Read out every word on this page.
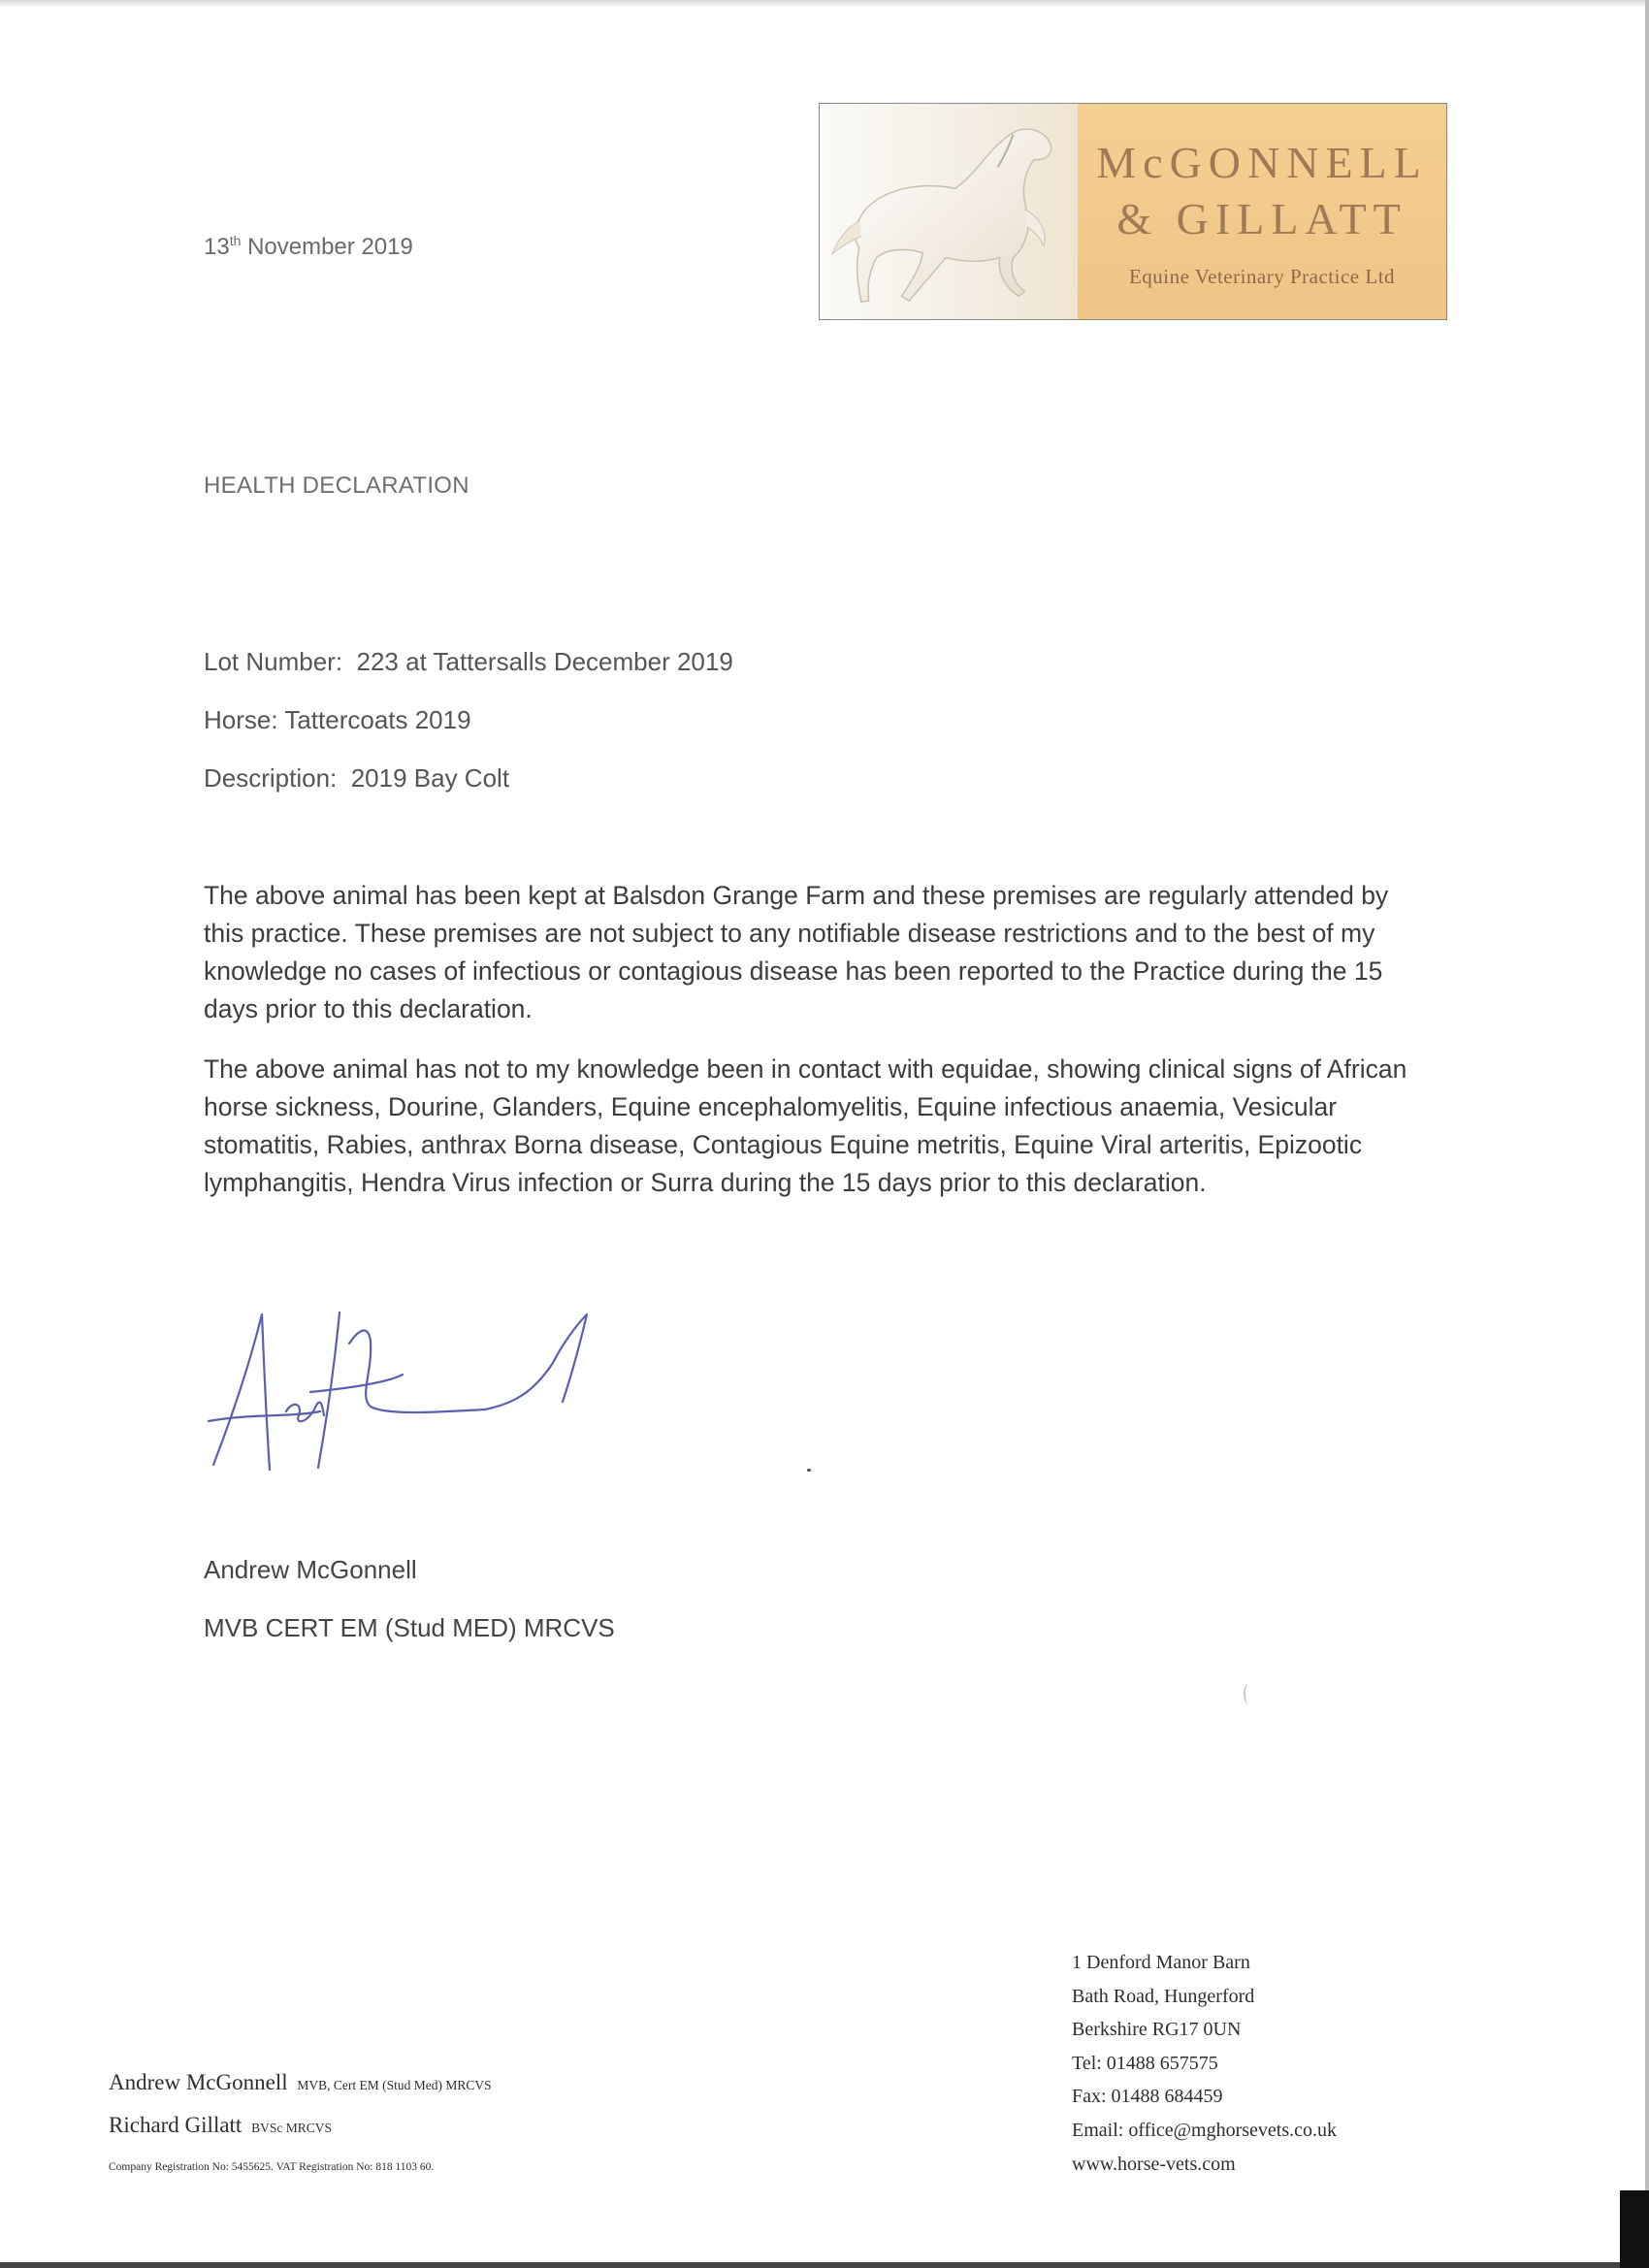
McGONNELL
& GILLATT
Equine Veterinary Practice Ltd
13th November 2019
HEALTH DECLARATION
Lot Number:  223 at Tattersalls December 2019
Horse: Tattercoats 2019
Description:  2019 Bay Colt

The above animal has been kept at Balsdon Grange Farm and these premises are regularly attended by this practice. These premises are not subject to any notifiable disease restrictions and to the best of my knowledge no cases of infectious or contagious disease has been reported to the Practice during the 15 days prior to this declaration.

The above animal has not to my knowledge been in contact with equidae, showing clinical signs of African horse sickness, Dourine, Glanders, Equine encephalomyelitis, Equine infectious anaemia, Vesicular stomatitis, Rabies, anthrax Borna disease, Contagious Equine metritis, Equine Viral arteritis, Epizootic lymphangitis, Hendra Virus infection or Surra during the 15 days prior to this declaration.

Andrew McGonnell
MVB CERT EM (Stud MED) MRCVS
Andrew McGonnell MVB, Cert EM (Stud Med) MRCVS
Richard Gillatt BVSc MRCVS
Company Registration No: 5455625. VAT Registration No: 818 1103 60.
1 Denford Manor Barn
Bath Road, Hungerford
Berkshire RG17 0UN
Tel: 01488 657575
Fax: 01488 684459
Email: office@mghorsevets.co.uk
www.horse-vets.com
